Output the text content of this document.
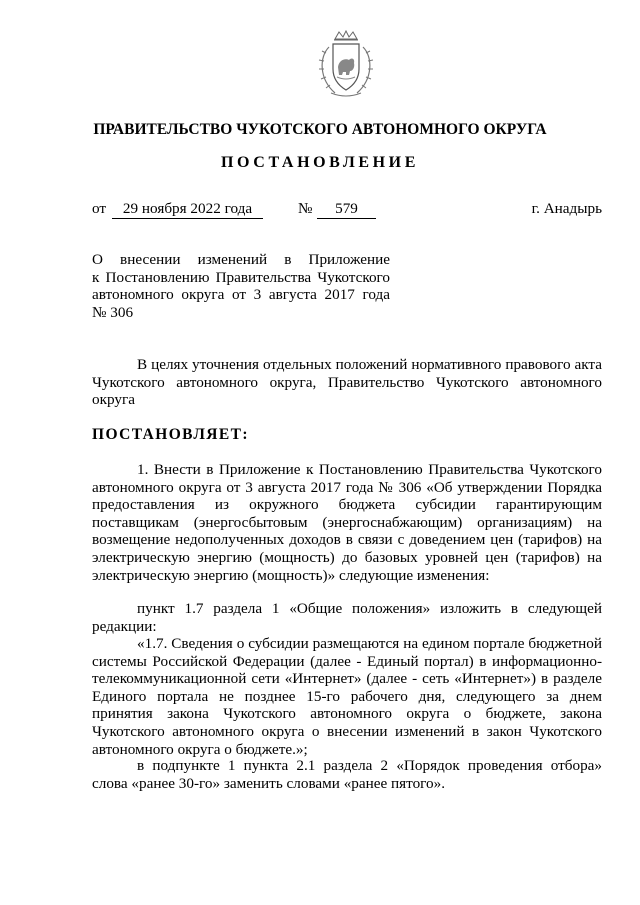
ПРАВИТЕЛЬСТВО ЧУКОТСКОГО АВТОНОМНОГО ОКРУГА
ПОСТАНОВЛЕНИЕ
от	29 ноября 2022 года	№	579	г. Анадырь
О внесении изменений в Приложение
к Постановлению Правительства Чукотского
автономного округа от 3 августа 2017 года
№ 306
В целях уточнения отдельных положений нормативного правового акта Чукотского автономного округа, Правительство Чукотского автономного округа
ПОСТАНОВЛЯЕТ:
1. Внести в Приложение к Постановлению Правительства Чукотского автономного округа от 3 августа 2017 года № 306 «Об утверждении Порядка предоставления из окружного бюджета субсидии гарантирующим поставщикам (энергосбытовым (энергоснабжающим) организациям) на возмещение недополученных доходов в связи с доведением цен (тарифов) на электрическую энергию (мощность) до базовых уровней цен (тарифов) на электрическую энергию (мощность)» следующие изменения:
пункт 1.7 раздела 1 «Общие положения» изложить в следующей редакции:
«1.7. Сведения о субсидии размещаются на едином портале бюджетной системы Российской Федерации (далее - Единый портал) в информационно-телекоммуникационной сети «Интернет» (далее - сеть «Интернет») в разделе Единого портала не позднее 15-го рабочего дня, следующего за днем принятия закона Чукотского автономного округа о бюджете, закона Чукотского автономного округа о внесении изменений в закон Чукотского автономного округа о бюджете.»;
в подпункте 1 пункта 2.1 раздела 2 «Порядок проведения отбора» слова «ранее 30-го» заменить словами «ранее пятого».
